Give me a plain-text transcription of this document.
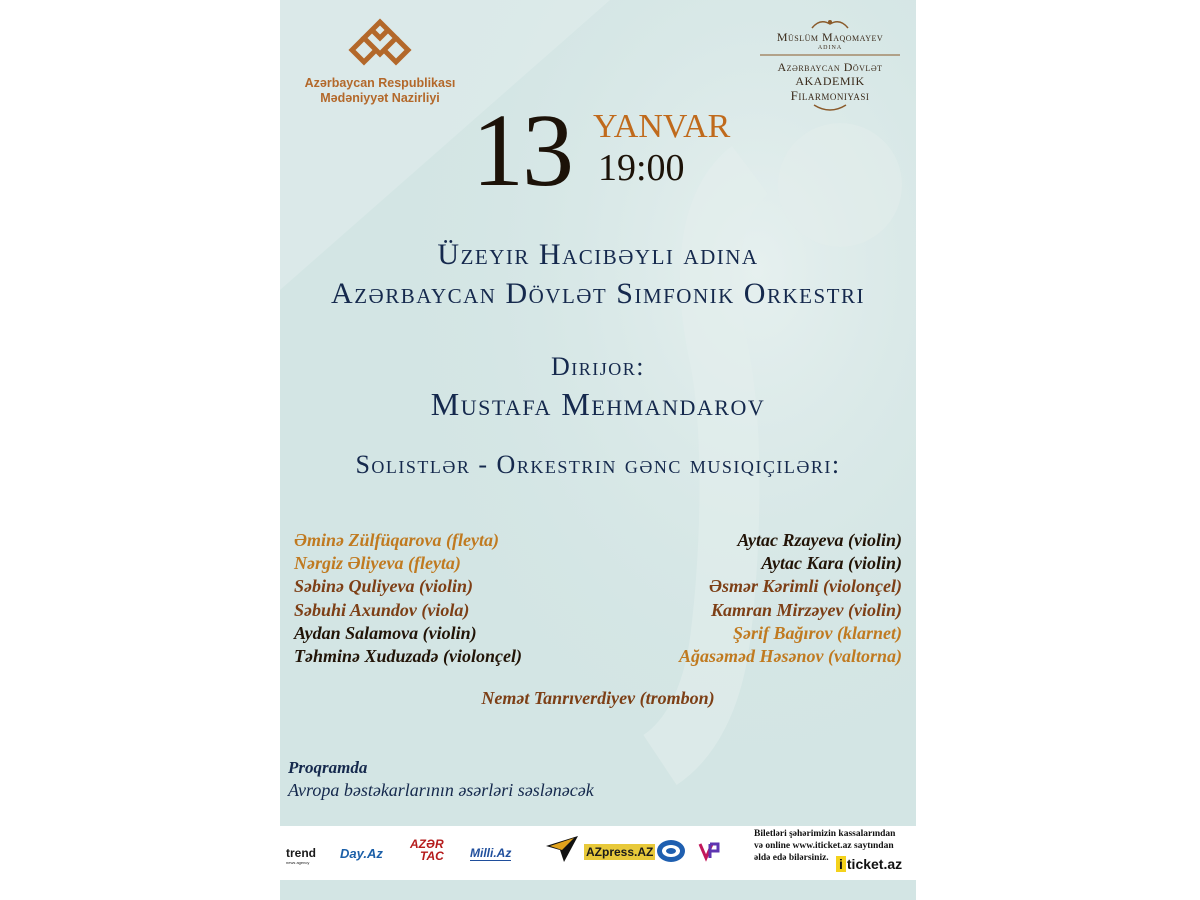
Azərbaycan Respublikası
Mədəniyyət Nazirliyi
Müslüm Maqomayev
ADINA
Azərbaycan Dövlət
AKADEMIK
Filarmoniyası
13 YANVAR
19:00
Üzeyir Hacıbəyli adına
Azərbaycan Dövlət Simfonik Orkestri
Dirijor:
Mustafa Mehmandarov
Solistlər - Orkestrin gənc musiqiçiləri:
Əminə Zülfüqarova (fleyta)
Nərgiz Əliyeva (fleyta)
Səbinə Quliyeva (violin)
Səbuhi Axundov (viola)
Aydan Salamova (violin)
Təhminə Xuduzadə (violonçel)
Aytac Rzayeva (violin)
Aytac Kara (violin)
Əsmər Kərimli (violonçel)
Kamran Mirzəyev (violin)
Şərif Bağırov (klarnet)
Ağasəməd Həsənov (valtorna)
Nemət Tanrıverdiyev (trombon)
Proqramda
Avropa bəstəkarlarının əsərləri səslənəcək
trend
news agency
Day.Az
AZƏR
TAC Milli.Az	AZpress.AZ
Biletləri şəhərimizin kassalarından
və online www.iticket.az saytından
əldə edə bilərsiniz. i ticket.az
